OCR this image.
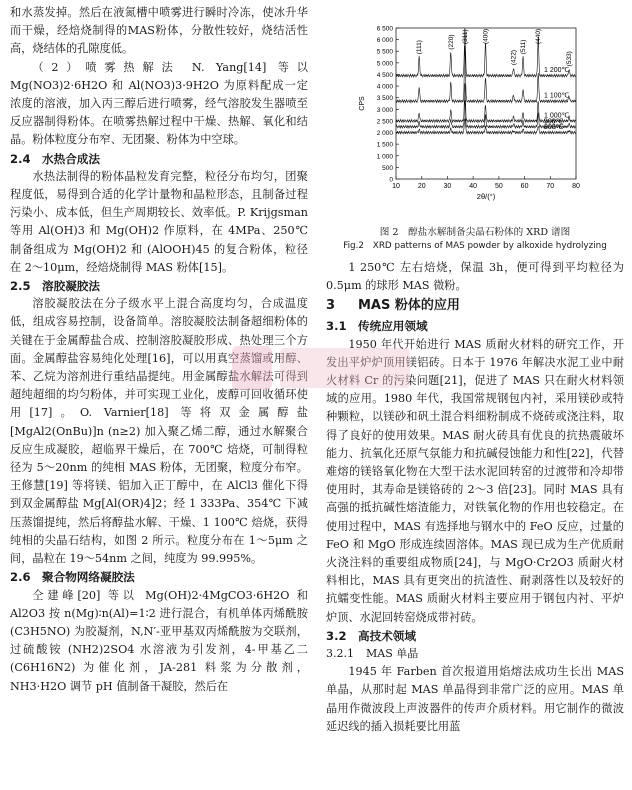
和水蒸发掉。然后在液氮槽中喷雾进行瞬时冷冻，使冰升华而干燥，经焙烧制得的MAS粉体，分散性较好，烧结活性高，烧结体的孔隙度低。

（2）喷雾热解法 N. Yang[14] 等以 Mg(NO3)2·6H2O 和 Al(NO3)3·9H2O 为原料配成一定浓度的溶液，加入丙三醇后进行喷雾，经气溶胶发生器喷至反应器制得粉体。在喷雾热解过程中干燥、热解、氧化和结晶。粉体粒度分布窄、无团聚、粉体为中空球。

2.4 水热合成法

水热法制得的粉体晶粒发育完整，粒径分布均匀，团聚程度低，易得到合适的化学计量物和晶粒形态，且制备过程污染小、成本低，但生产周期较长、效率低。P. Krijgsman 等用 Al(OH)3 和 Mg(OH)2 作原料，在 4MPa、250℃ 制备组成为 Mg(OH)2 和 (AlOOH)45 的复合粉体，粒径在 2～10μm，经焙烧制得 MAS 粉体[15]。

2.5 溶胶凝胶法

溶胶凝胶法在分子级水平上混合高度均匀，合成温度低，组成容易控制，设备简单。溶胶凝胶法制备超细粉体的关键在于金属醇盐合成、控制溶胶凝胶形成、热处理三个方面。金属醇盐容易纯化处理[16]，可以用真空蒸馏或用醇、苯、乙烷为溶剂进行重结晶提纯。用金属醇盐水解法可得到超纯超细的均匀粉体，并可实现工业化，废醇可回收循环使用[17]。O. Varnier[18] 等将双金属醇盐 [MgAl2(OnBu)]n (n≥2) 加入聚乙烯二醇，通过水解聚合反应生成凝胶，超临界干燥后，在 700℃ 焙烧，可制得粒径为 5～20nm 的纯相 MAS 粉体，无团聚，粒度分布窄。王修慧[19] 等将镁、铝加入正丁醇中，在 AlCl3 催化下得到双金属醇盐 Mg[Al(OR)4]2；经 1 333Pa、354℃ 下减压蒸馏提纯，然后将醇盐水解、干燥、1 100℃ 焙烧，获得纯相的尖晶石结构，如图 2 所示。粒度分布在 1～5μm 之间，晶粒在 19～54nm 之间，纯度为 99.995%。

2.6 聚合物网络凝胶法

仝建峰[20] 等以 Mg(OH)2·4MgCO3·6H2O 和 Al2O3 按 n(Mg)∶n(Al)=1∶2 进行混合，有机单体丙烯酰胺 (C3H5NO) 为胶凝剂，N,N′-亚甲基双丙烯酰胺为交联剂，过硫酸铵 (NH2)2SO4 水溶液为引发剂，4-甲基乙二 (C6H16N2) 为催化剂，JA-281 料浆为分散剂，NH3·H2O 调节 pH 值制备干凝胶，然后在

0
500
1 000
1 500
2 000
2 500
3 000
3 500
4 000
4 500
5 000
5 500
6 000
6 500
10	20	30	40	50	60	70	80
2θ/(°)
CPS
800℃
900℃
1 000℃
1 100℃
1 200℃
(111)	(220) (311) (400)
(422)
(511)
(440)
(533)

图 2　醇盐水解制备尖晶石粉体的 XRD 谱图

Fig.2　XRD patterns of MAS powder by alkoxide hydrolyzing

1 250℃ 左右焙烧，保温 3h，便可得到平均粒径为 0.5μm 的球形 MAS 微粉。

3 MAS 粉体的应用
3.1 传统应用领域

1950 年代开始进行 MAS 质耐火材料的研究工作，开发出平炉炉顶用镁铝砖。日本于 1976 年解决水泥工业中耐火材料 Cr 的污染问题[21]，促进了 MAS 只在耐火材料领域的应用。1980 年代，我国常规钢包内衬，采用镁砂或特种颗粒，以镁砂和矾土混合料细粉制成不烧砖或浇注料，取得了良好的使用效果。MAS 耐火砖具有优良的抗热震破坏能力、抗氧化还原气氛能力和抗碱侵蚀能力和性[22]，代替难熔的镁铬氧化物在大型干法水泥回转窑的过渡带和冷却带使用时，其寿命是镁铬砖的 2～3 倍[23]。同时 MAS 具有高强的抵抗碱性熔渣能力，对铁氧化物的作用也较稳定。在使用过程中，MAS 有选择地与钢水中的 FeO 反应，过量的 FeO 和 MgO 形成连续固溶体。MAS 现已成为生产优质耐火浇注料的重要组成物质[24]，与 MgO·Cr2O3 质耐火材料相比，MAS 具有更突出的抗渣性、耐剥落性以及较好的抗蠕变性能。MAS 质耐火材料主要应用于钢包内衬、平炉炉顶、水泥回转窑烧成带衬砖。

3.2 高技术领域
3.2.1 MAS 单晶

1945 年 Farben 首次报道用焰熔法成功生长出 MAS 单晶，从那时起 MAS 单晶得到非常广泛的应用。MAS 单晶用作微波段上声波器件的传声介质材料。用它制作的微波延迟线的插入损耗要比用蓝
